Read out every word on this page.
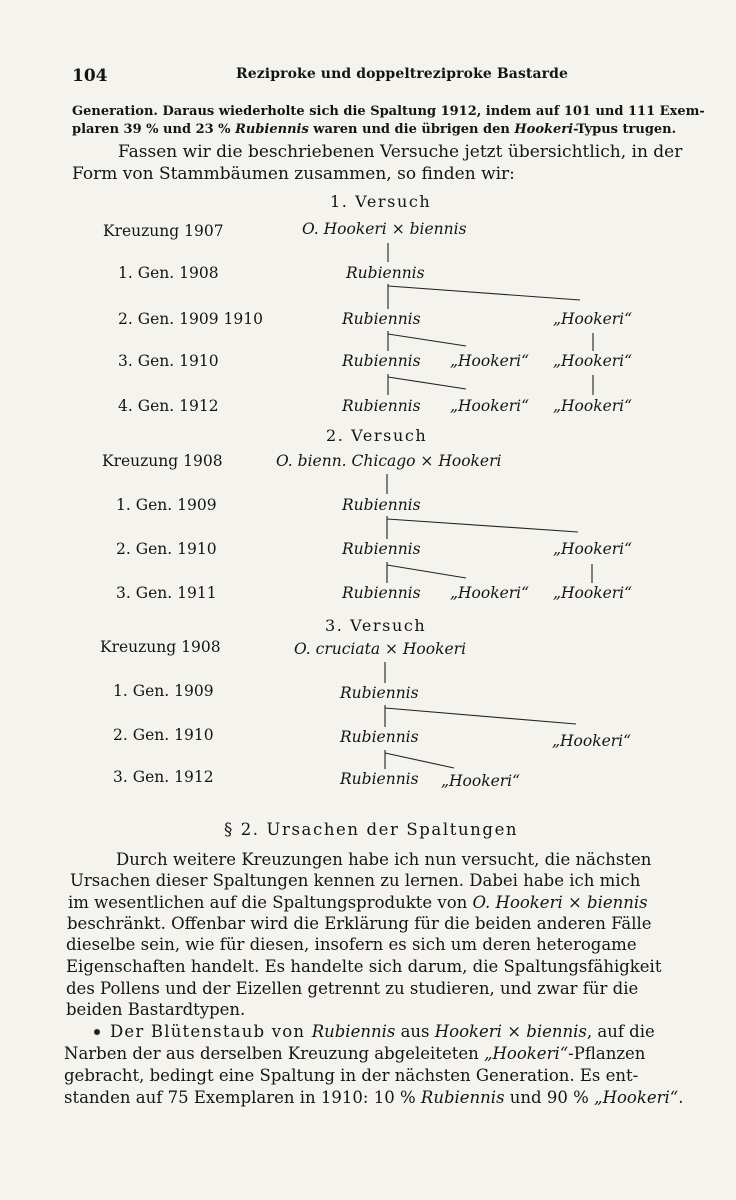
104	Reziproke und doppeltreziproke Bastarde
Generation. Daraus wiederholte sich die Spaltung 1912, indem auf 101 und 111 Exem-
plaren 39 % und 23 % Rubiennis waren und die übrigen den Hookeri-Typus trugen.
Fassen wir die beschriebenen Versuche jetzt übersichtlich, in der
Form von Stammbäumen zusammen, so finden wir:
1. Versuch
Kreuzung 1907	O. Hookeri × biennis
1. Gen. 1908	Rubiennis
2. Gen. 1909 1910	Rubiennis	„Hookeri“
3. Gen. 1910	Rubiennis „Hookeri“ „Hookeri“
4. Gen. 1912	Rubiennis „Hookeri“ „Hookeri“
2. Versuch
Kreuzung 1908	O. bienn. Chicago × Hookeri
1. Gen. 1909	Rubiennis
2. Gen. 1910	Rubiennis	„Hookeri“
3. Gen. 1911	Rubiennis „Hookeri“ „Hookeri“
3. Versuch
Kreuzung 1908	O. cruciata × Hookeri
1. Gen. 1909	Rubiennis
2. Gen. 1910	Rubiennis	„Hookeri“
3. Gen. 1912	Rubiennis „Hookeri“
§ 2. Ursachen der Spaltungen
Durch weitere Kreuzungen habe ich nun versucht, die nächsten
Ursachen dieser Spaltungen kennen zu lernen. Dabei habe ich mich
im wesentlichen auf die Spaltungsprodukte von O. Hookeri × biennis
beschränkt. Offenbar wird die Erklärung für die beiden anderen Fälle
dieselbe sein, wie für diesen, insofern es sich um deren heterogame
Eigenschaften handelt. Es handelte sich darum, die Spaltungsfähigkeit
des Pollens und der Eizellen getrennt zu studieren, und zwar für die
beiden Bastardtypen.
Der Blütenstaub von Rubiennis aus Hookeri × biennis, auf die
Narben der aus derselben Kreuzung abgeleiteten „Hookeri“-Pflanzen
gebracht, bedingt eine Spaltung in der nächsten Generation. Es ent-
standen auf 75 Exemplaren in 1910: 10 % Rubiennis und 90 % „Hookeri“.
